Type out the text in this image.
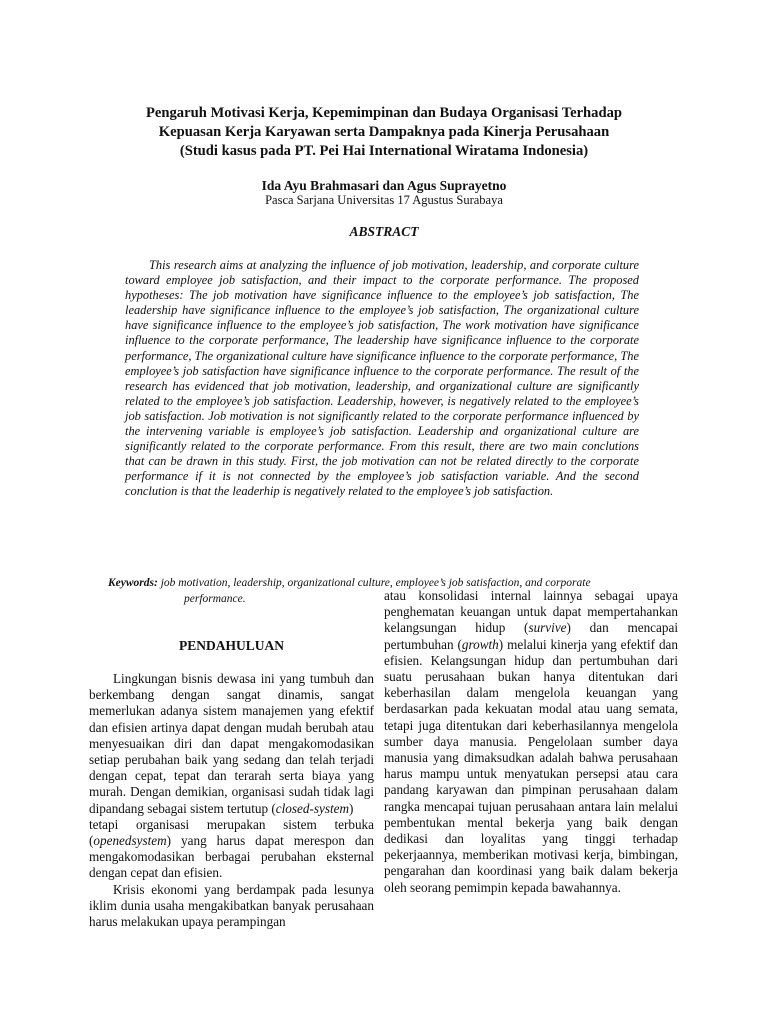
Pengaruh Motivasi Kerja, Kepemimpinan dan Budaya Organisasi Terhadap
Kepuasan Kerja Karyawan serta Dampaknya pada Kinerja Perusahaan
(Studi kasus pada PT. Pei Hai International Wiratama Indonesia)
Ida Ayu Brahmasari dan Agus Suprayetno
Pasca Sarjana Universitas 17 Agustus Surabaya
ABSTRACT
This research aims at analyzing the influence of job motivation, leadership, and corporate culture toward employee job satisfaction, and their impact to the corporate performance. The proposed hypotheses: The job motivation have significance influence to the employee’s job satisfaction, The leadership have significance influence to the employee’s job satisfaction, The organizational culture have significance influence to the employee’s job satisfaction, The work motivation have significance influence to the corporate performance, The leadership have significance influence to the corporate performance, The organizational culture have significance influence to the corporate performance, The employee’s job satisfaction have significance influence to the corporate performance. The result of the research has evidenced that job motivation, leadership, and organizational culture are significantly related to the employee’s job satisfaction. Leadership, however, is negatively related to the employee’s job satisfaction. Job motivation is not significantly related to the corporate performance influenced by the intervening variable is employee’s job satisfaction. Leadership and organizational culture are significantly related to the corporate performance. From this result, there are two main conclutions that can be drawn in this study. First, the job motivation can not be related directly to the corporate performance if it is not connected by the employee’s job satisfaction variable. And the second conclution is that the leaderhip is negatively related to the employee’s job satisfaction.
Keywords: job motivation, leadership, organizational culture, employee’s job satisfaction, and corporate
performance.
PENDAHULUAN

Lingkungan bisnis dewasa ini yang tumbuh dan berkembang dengan sangat dinamis, sangat memerlukan adanya sistem manajemen yang efektif dan efisien artinya dapat dengan mudah berubah atau menyesuaikan diri dan dapat mengakomodasikan setiap perubahan baik yang sedang dan telah terjadi dengan cepat, tepat dan terarah serta biaya yang murah. Dengan demikian, organisasi sudah tidak lagi dipandang sebagai sistem tertutup (closed-system)

tetapi organisasi merupakan sistem terbuka (openedsystem) yang harus dapat merespon dan mengakomodasikan berbagai perubahan eksternal dengan cepat dan efisien.

Krisis ekonomi yang berdampak pada lesunya iklim dunia usaha mengakibatkan banyak perusahaan harus melakukan upaya perampingan

atau konsolidasi internal lainnya sebagai upaya penghematan keuangan untuk dapat mempertahankan kelangsungan hidup (survive) dan mencapai pertumbuhan (growth) melalui kinerja yang efektif dan efisien. Kelangsungan hidup dan pertumbuhan dari suatu perusahaan bukan hanya ditentukan dari keberhasilan dalam mengelola keuangan yang berdasarkan pada kekuatan modal atau uang semata, tetapi juga ditentukan dari keberhasilannya mengelola sumber daya manusia. Pengelolaan sumber daya manusia yang dimaksudkan adalah bahwa perusahaan harus mampu untuk menyatukan persepsi atau cara pandang karyawan dan pimpinan perusahaan dalam rangka mencapai tujuan perusahaan antara lain melalui pembentukan mental bekerja yang baik dengan dedikasi dan loyalitas yang tinggi terhadap pekerjaannya, memberikan motivasi kerja, bimbingan, pengarahan dan koordinasi yang baik dalam bekerja oleh seorang pemimpin kepada bawahannya.
